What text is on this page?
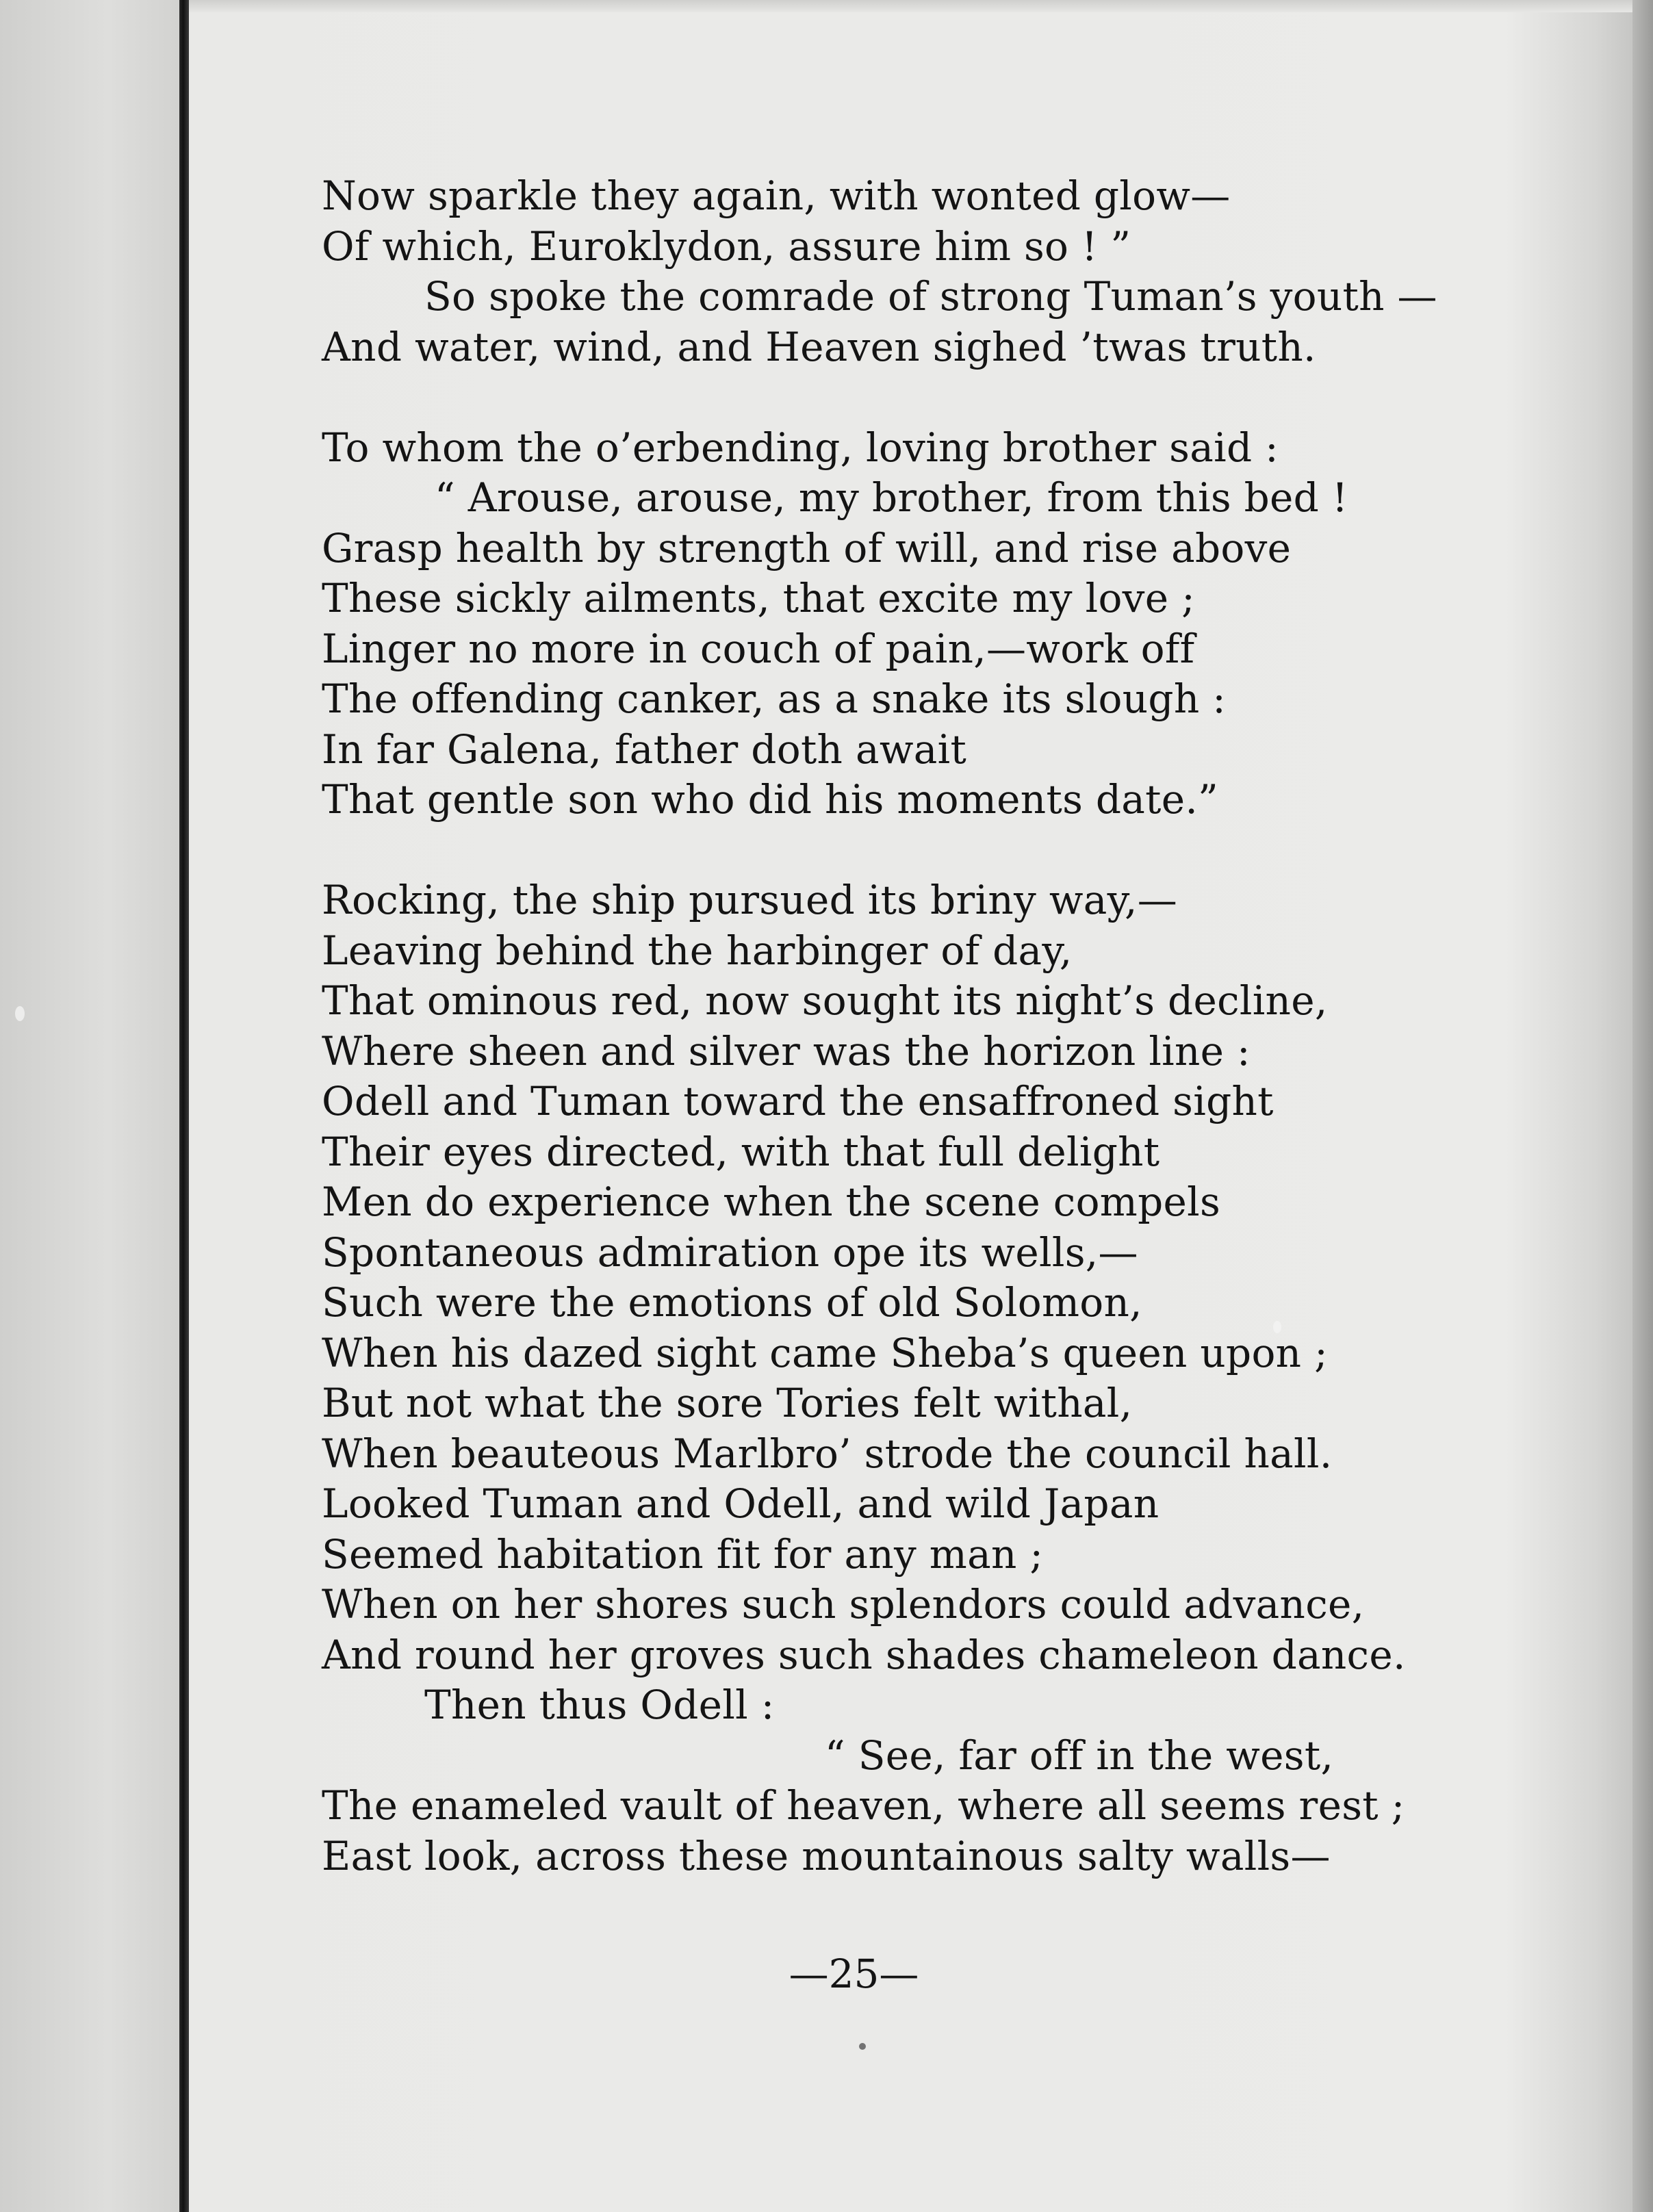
Now sparkle they again, with wonted glow—
Of which, Euroklydon, assure him so ! ”
So spoke the comrade of strong Tuman’s youth —
And water, wind, and Heaven sighed ’twas truth.
To whom the o’erbending, loving brother said :
“ Arouse, arouse, my brother, from this bed !
Grasp health by strength of will, and rise above
These sickly ailments, that excite my love ;
Linger no more in couch of pain,—work off
The offending canker, as a snake its slough :
In far Galena, father doth await
That gentle son who did his moments date.”
Rocking, the ship pursued its briny way,—
Leaving behind the harbinger of day,
That ominous red, now sought its night’s decline,
Where sheen and silver was the horizon line :
Odell and Tuman toward the ensaffroned sight
Their eyes directed, with that full delight
Men do experience when the scene compels
Spontaneous admiration ope its wells,—
Such were the emotions of old Solomon,
When his dazed sight came Sheba’s queen upon ;
But not what the sore Tories felt withal,
When beauteous Marlbro’ strode the council hall.
Looked Tuman and Odell, and wild Japan
Seemed habitation fit for any man ;
When on her shores such splendors could advance,
And round her groves such shades chameleon dance.
Then thus Odell :
“ See, far off in the west,
The enameled vault of heaven, where all seems rest ;
East look, across these mountainous salty walls—
—25—
